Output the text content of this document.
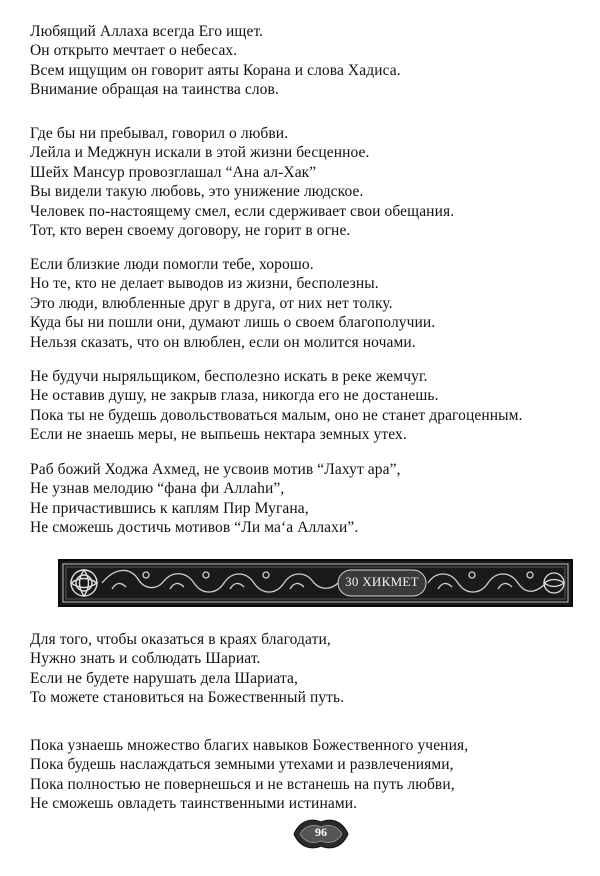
Любящий Аллаха всегда Его ищет.
Он открыто мечтает о небесах.
Всем ищущим он говорит аяты Корана и слова Хадиса.
Внимание обращая на таинства слов.
Где бы ни пребывал, говорил о любви.
Лейла и Меджнун искали в этой жизни бесценное.
Шейх Мансур провозглашал “Ана ал-Хак”
Вы видели такую любовь, это унижение людское.
Человек по-настоящему смел, если сдерживает свои обещания.
Тот, кто верен своему договору, не горит в огне.
Если близкие люди помогли тебе, хорошо.
Но те, кто не делает выводов из жизни, бесполезны.
Это люди, влюбленные друг в друга, от них нет толку.
Куда бы ни пошли они, думают лишь о своем благополучии.
Нельзя сказать, что он влюблен, если он молится ночами.
Не будучи ныряльщиком, бесполезно искать в реке жемчуг.
Не оставив душу, не закрыв глаза, никогда его не достанешь.
Пока ты не будешь довольствоваться малым, оно не станет драгоценным.
Если не знаешь меры, не выпьешь нектара земных утех.
Раб божий Ходжа Ахмед, не усвоив мотив “Лахут ара”,
Не узнав мелодию “фана фи Аллаhи”,
Не причастившись к каплям Пир Мугана,
Не сможешь достичь мотивов “Ли ма‘а Аллахи”.
30 ХИКМЕТ
Для того, чтобы оказаться в краях благодати,
Нужно знать и соблюдать Шариат.
Если не будете нарушать дела Шариата,
То можете становиться на Божественный путь.
Пока узнаешь множество благих навыков Божественного учения,
Пока будешь наслаждаться земными утехами и развлечениями,
Пока полностью не повернешься и не встанешь на путь любви,
Не сможешь овладеть таинственными истинами.
96
